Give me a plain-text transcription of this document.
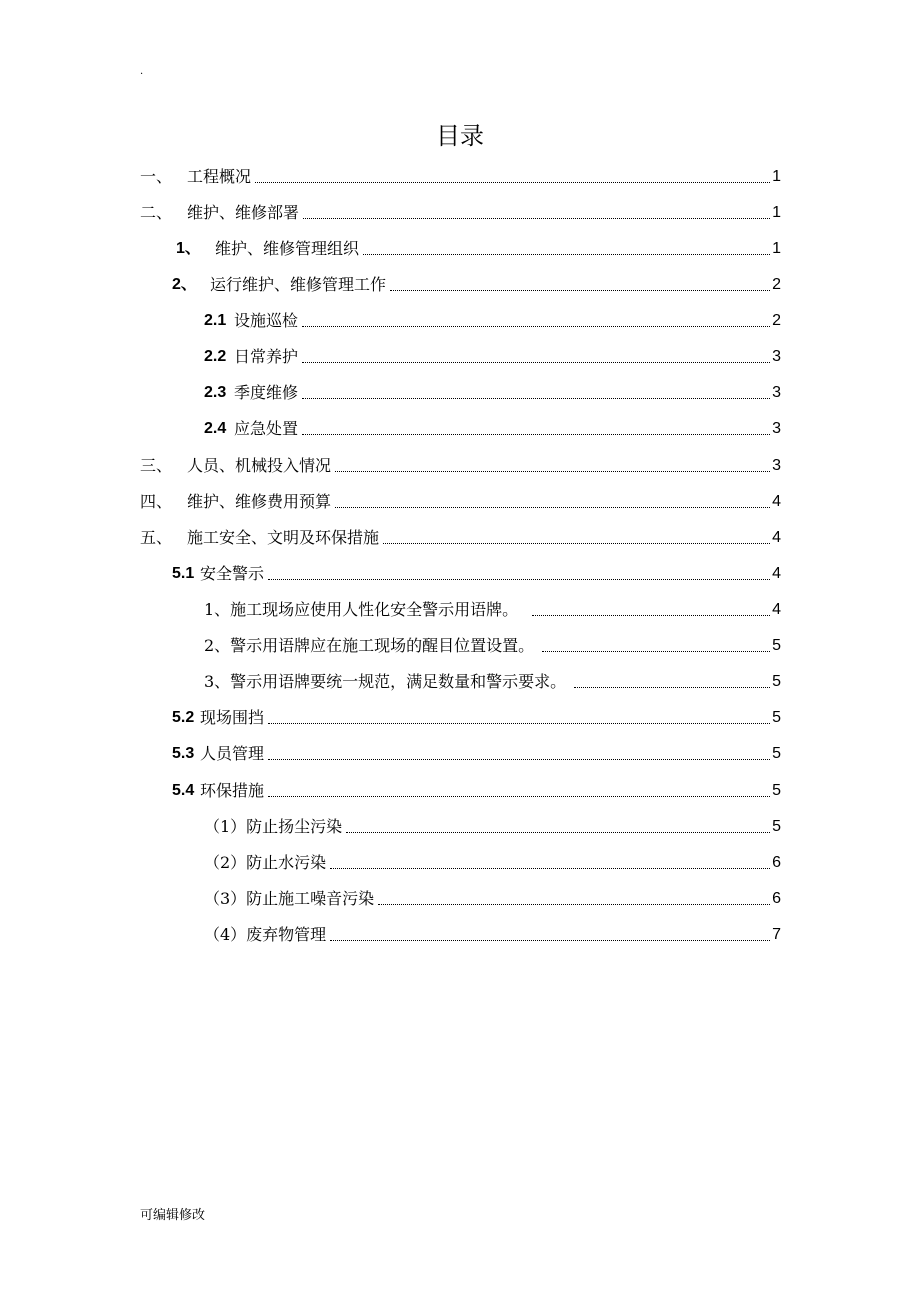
.
目录
一、 工程概况	1
二、 维护、维修部署	1
1、 维护、维修管理组织	1
2、 运行维护、维修管理工作	2
2.1 设施巡检	2
2.2 日常养护	3
2.3 季度维修	3
2.4 应急处置	3
三、 人员、机械投入情况	3
四、 维护、维修费用预算	4
五、 施工安全、文明及环保措施	4
5.1 安全警示	4
1、施工现场应使用人性化安全警示用语牌。	4
2、警示用语牌应在施工现场的醒目位置设置。	5
3、警示用语牌要统一规范，满足数量和警示要求。	5
5.2 现场围挡	5
5.3 人员管理	5
5.4 环保措施	5
（1）防止扬尘污染	5
（2）防止水污染	6
（3）防止施工噪音污染	6
（4）废弃物管理	7
可编辑修改
